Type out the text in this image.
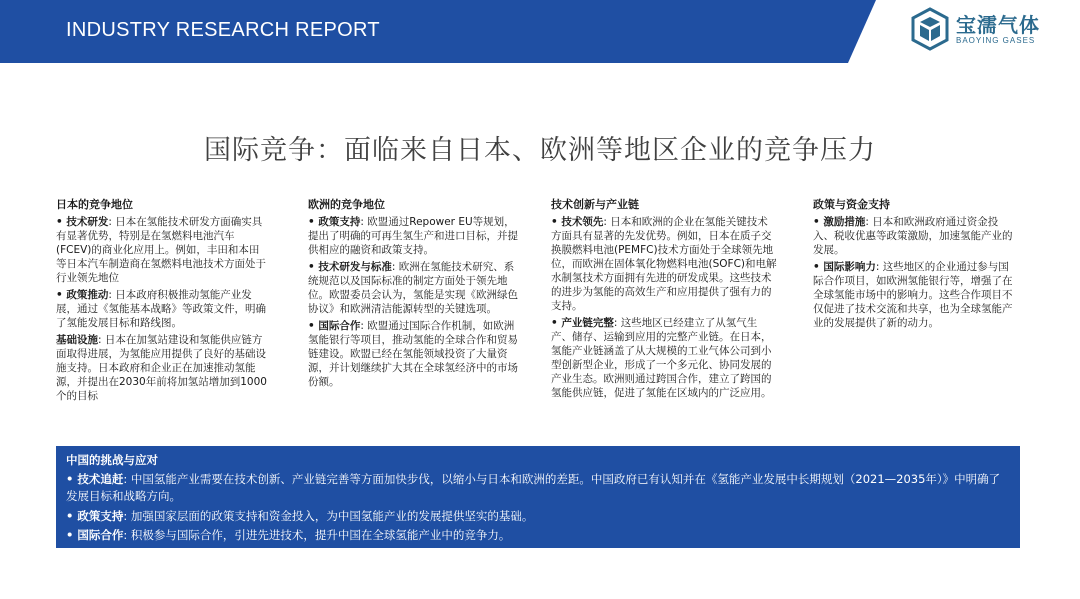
INDUSTRY RESEARCH REPORT	宝濡气体
BAOYING GASES
国际竞争：面临来自日本、欧洲等地区企业的竞争压力
日本的竞争地位
• 技术研发: 日本在氢能技术研发方面确实具有显著优势，特别是在氢燃料电池汽车(FCEV)的商业化应用上。例如，丰田和本田等日本汽车制造商在氢燃料电池技术方面处于行业领先地位
• 政策推动: 日本政府积极推动氢能产业发展，通过《氢能基本战略》等政策文件，明确了氢能发展目标和路线图。
基础设施: 日本在加氢站建设和氢能供应链方面取得进展，为氢能应用提供了良好的基础设施支持。日本政府和企业正在加速推动氢能源，并提出在2030年前将加氢站增加到1000个的目标
欧洲的竞争地位
• 政策支持: 欧盟通过Repower EU等规划，提出了明确的可再生氢生产和进口目标，并提供相应的融资和政策支持。
• 技术研发与标准: 欧洲在氢能技术研究、系统规范以及国际标准的制定方面处于领先地位。欧盟委员会认为，氢能是实现《欧洲绿色协议》和欧洲清洁能源转型的关键选项。
• 国际合作: 欧盟通过国际合作机制，如欧洲氢能银行等项目，推动氢能的全球合作和贸易链建设。欧盟已经在氢能领域投资了大量资源，并计划继续扩大其在全球氢经济中的市场份额。
技术创新与产业链
• 技术领先: 日本和欧洲的企业在氢能关键技术方面具有显著的先发优势。例如，日本在质子交换膜燃料电池(PEMFC)技术方面处于全球领先地位，而欧洲在固体氧化物燃料电池(SOFC)和电解水制氢技术方面拥有先进的研发成果。这些技术的进步为氢能的高效生产和应用提供了强有力的支持。
• 产业链完整: 这些地区已经建立了从氢气生产、储存、运输到应用的完整产业链。在日本，氢能产业链涵盖了从大规模的工业气体公司到小型创新型企业，形成了一个多元化、协同发展的产业生态。欧洲则通过跨国合作，建立了跨国的氢能供应链，促进了氢能在区域内的广泛应用。
政策与资金支持
• 激励措施: 日本和欧洲政府通过资金投入、税收优惠等政策激励，加速氢能产业的发展。
• 国际影响力: 这些地区的企业通过参与国际合作项目，如欧洲氢能银行等，增强了在全球氢能市场中的影响力。这些合作项目不仅促进了技术交流和共享，也为全球氢能产业的发展提供了新的动力。
中国的挑战与应对
• 技术追赶: 中国氢能产业需要在技术创新、产业链完善等方面加快步伐，以缩小与日本和欧洲的差距。中国政府已有认知并在《氢能产业发展中长期规划（2021—2035年）》中明确了发展目标和战略方向。
• 政策支持: 加强国家层面的政策支持和资金投入，为中国氢能产业的发展提供坚实的基础。
• 国际合作: 积极参与国际合作，引进先进技术，提升中国在全球氢能产业中的竞争力。
